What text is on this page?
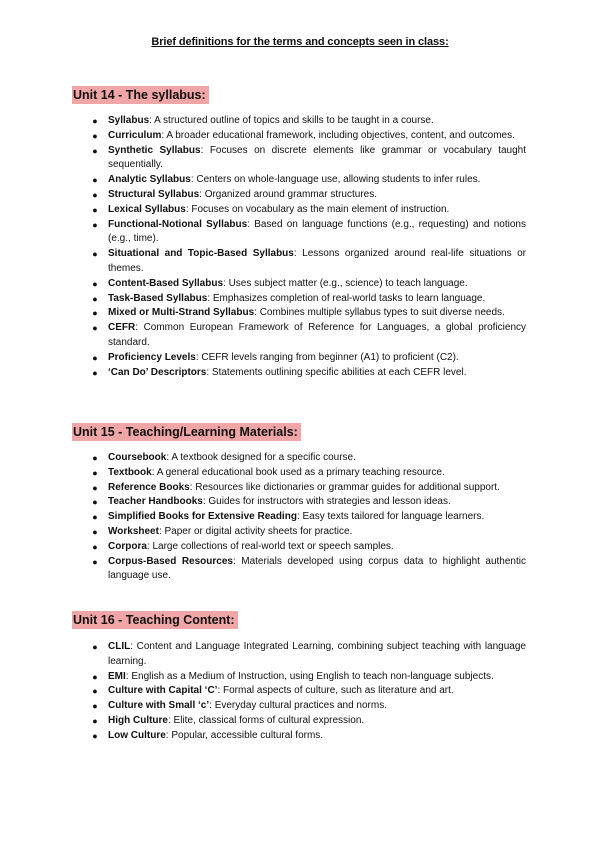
Brief definitions for the terms and concepts seen in class:
Unit 14 - The syllabus:
● Syllabus: A structured outline of topics and skills to be taught in a course.
● Curriculum: A broader educational framework, including objectives, content, and outcomes.
● Synthetic Syllabus: Focuses on discrete elements like grammar or vocabulary taught sequentially.
● Analytic Syllabus: Centers on whole-language use, allowing students to infer rules.
● Structural Syllabus: Organized around grammar structures.
● Lexical Syllabus: Focuses on vocabulary as the main element of instruction.
● Functional-Notional Syllabus: Based on language functions (e.g., requesting) and notions (e.g., time).
● Situational and Topic-Based Syllabus: Lessons organized around real-life situations or themes.
● Content-Based Syllabus: Uses subject matter (e.g., science) to teach language.
● Task-Based Syllabus: Emphasizes completion of real-world tasks to learn language.
● Mixed or Multi-Strand Syllabus: Combines multiple syllabus types to suit diverse needs.
● CEFR: Common European Framework of Reference for Languages, a global proficiency standard.
● Proficiency Levels: CEFR levels ranging from beginner (A1) to proficient (C2).
● ‘Can Do’ Descriptors: Statements outlining specific abilities at each CEFR level.
Unit 15 - Teaching/Learning Materials:
● Coursebook: A textbook designed for a specific course.
● Textbook: A general educational book used as a primary teaching resource.
● Reference Books: Resources like dictionaries or grammar guides for additional support.
● Teacher Handbooks: Guides for instructors with strategies and lesson ideas.
● Simplified Books for Extensive Reading: Easy texts tailored for language learners.
● Worksheet: Paper or digital activity sheets for practice.
● Corpora: Large collections of real-world text or speech samples.
● Corpus-Based Resources: Materials developed using corpus data to highlight authentic language use.
Unit 16 - Teaching Content:
● CLIL: Content and Language Integrated Learning, combining subject teaching with language learning.
● EMI: English as a Medium of Instruction, using English to teach non-language subjects.
● Culture with Capital ‘C’: Formal aspects of culture, such as literature and art.
● Culture with Small ‘c’: Everyday cultural practices and norms.
● High Culture: Elite, classical forms of cultural expression.
● Low Culture: Popular, accessible cultural forms.
